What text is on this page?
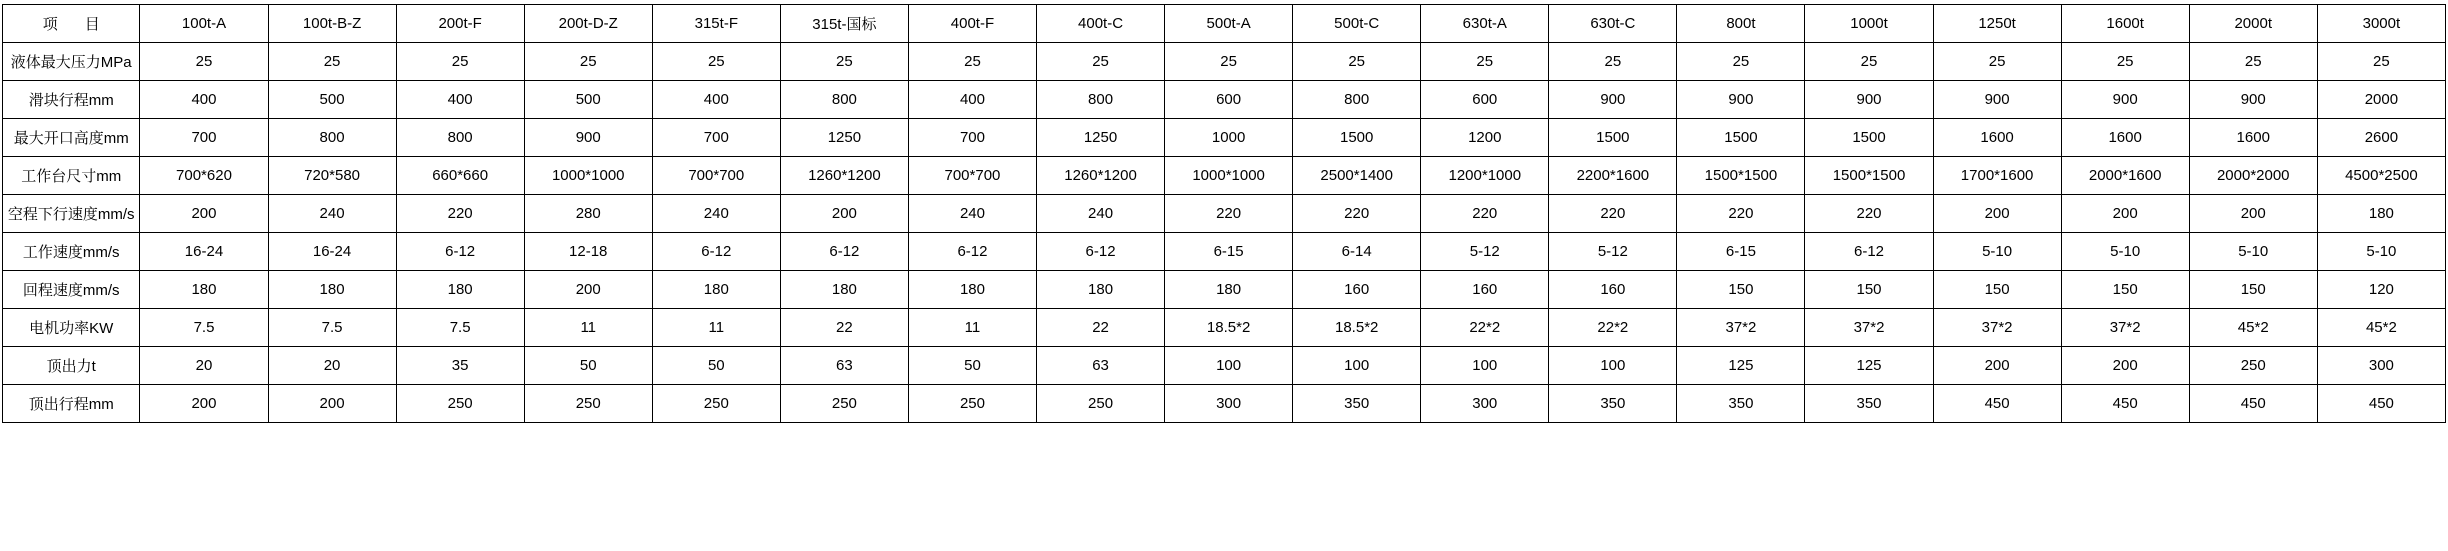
项　目	100t-A	100t-B-Z	200t-F	200t-D-Z	315t-F	315t-国标	400t-F	400t-C	500t-A	500t-C	630t-A	630t-C	800t	1000t	1250t	1600t	2000t	3000t
液体最大压力MPa	25	25	25	25	25	25	25	25	25	25	25	25	25	25	25	25	25	25
滑块行程mm	400	500	400	500	400	800	400	800	600	800	600	900	900	900	900	900	900	2000
最大开口高度mm	700	800	800	900	700	1250	700	1250	1000	1500	1200	1500	1500	1500	1600	1600	1600	2600
工作台尺寸mm	700*620	720*580	660*660	1000*1000	700*700	1260*1200	700*700	1260*1200	1000*1000	2500*1400	1200*1000	2200*1600	1500*1500	1500*1500	1700*1600	2000*1600	2000*2000	4500*2500
空程下行速度mm/s	200	240	220	280	240	200	240	240	220	220	220	220	220	220	200	200	200	180
工作速度mm/s	16-24	16-24	6-12	12-18	6-12	6-12	6-12	6-12	6-15	6-14	5-12	5-12	6-15	6-12	5-10	5-10	5-10	5-10
回程速度mm/s	180	180	180	200	180	180	180	180	180	160	160	160	150	150	150	150	150	120
电机功率KW	7.5	7.5	7.5	11	11	22	11	22	18.5*2	18.5*2	22*2	22*2	37*2	37*2	37*2	37*2	45*2	45*2
顶出力t	20	20	35	50	50	63	50	63	100	100	100	100	125	125	200	200	250	300
顶出行程mm	200	200	250	250	250	250	250	250	300	350	300	350	350	350	450	450	450	450
